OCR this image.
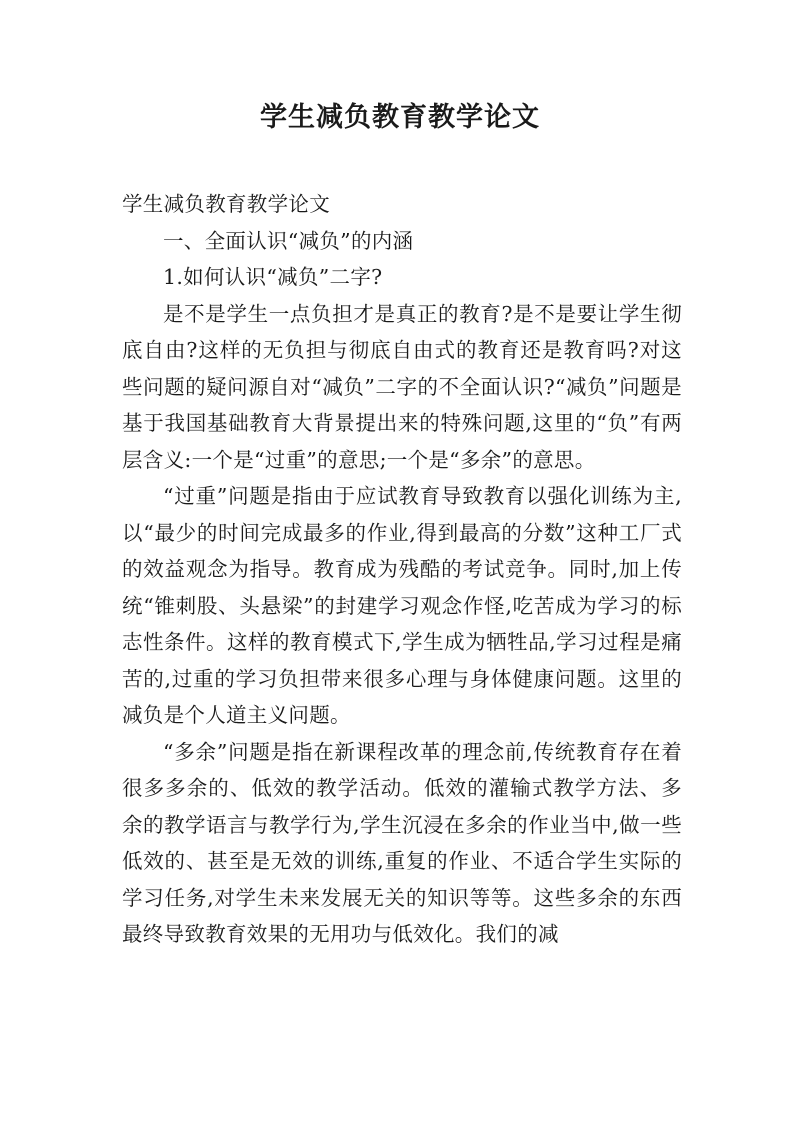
学生减负教育教学论文

学生减负教育教学论文

一、全面认识“减负”的内涵

1.如何认识“减负”二字?

是不是学生一点负担才是真正的教育?是不是要让学生彻底自由?这样的无负担与彻底自由式的教育还是教育吗?对这些问题的疑问源自对“减负”二字的不全面认识?“减负”问题是基于我国基础教育大背景提出来的特殊问题,这里的“负”有两层含义:一个是“过重”的意思;一个是“多余”的意思。

“过重”问题是指由于应试教育导致教育以强化训练为主,以“最少的时间完成最多的作业,得到最高的分数”这种工厂式的效益观念为指导。教育成为残酷的考试竞争。同时,加上传统“锥刺股、头悬梁”的封建学习观念作怪,吃苦成为学习的标志性条件。这样的教育模式下,学生成为牺牲品,学习过程是痛苦的,过重的学习负担带来很多心理与身体健康问题。这里的减负是个人道主义问题。

“多余”问题是指在新课程改革的理念前,传统教育存在着很多多余的、低效的教学活动。低效的灌输式教学方法、多余的教学语言与教学行为,学生沉浸在多余的作业当中,做一些低效的、甚至是无效的训练,重复的作业、不适合学生实际的学习任务,对学生未来发展无关的知识等等。这些多余的东西最终导致教育效果的无用功与低效化。我们的减
